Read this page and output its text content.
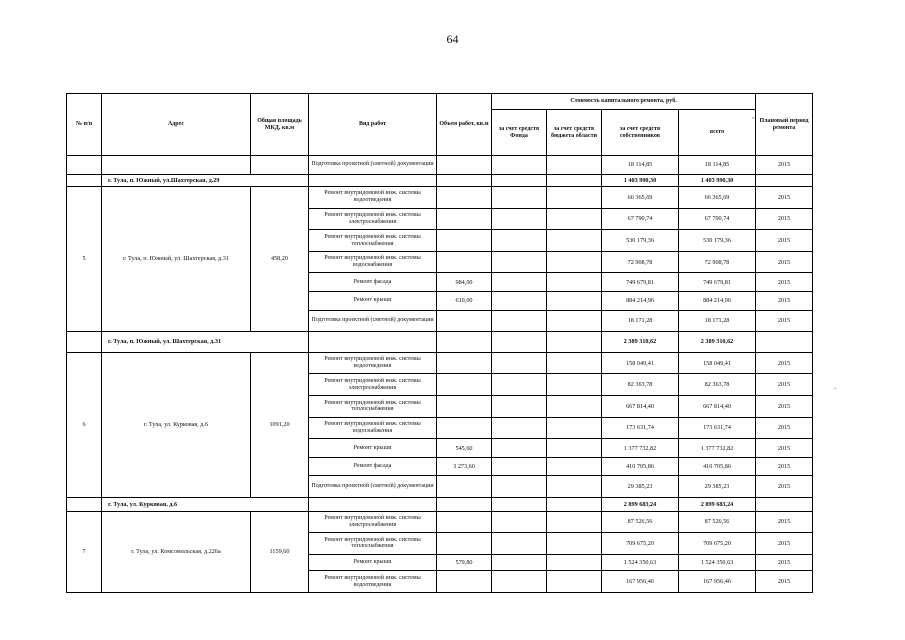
64
˚
.
№ п/п	Адрес	Общая площадь МКД, кв.м	Вид работ	Объем работ, кв.м	Стоимость капитального ремонта, руб.				Плановый период ремонта
					за счет средств Фонда	за счет средств бюджета области	за счет средств собственников	всего	
			Подготовка проектной (сметной) документации				18 114,85	18 114,85	2015
	г. Тула, п. Южный, ул.Шахтерская, д.29						1 403 990,30	1 403 990,30	
5	г. Тула, п. Южный, ул. Шахтерская, д.31	458,20	Ремонт внутридомовой инж. системы водоотведения				66 365,69	66 365,69	2015
			Ремонт внутридомовой инж. системы электроснабжения				67 790,74	67 790,74	2015
			Ремонт внутридомовой инж. системы теплоснабжения				530 179,36	530 179,36	2015
			Ремонт внутридомовой инж. системы водоснабжения				72 908,78	72 908,78	2015
			Ремонт фасада	984,00			749 679,81	749 679,81	2015
			Ремонт крыши	610,00			884 214,96	884 214,96	2015
			Подготовка проектной (сметной) документации				18 171,28	18 171,28	2015
	г. Тула, п. Южный, ул. Шахтерская, д.31						2 389 310,62	2 389 310,62	
6	г. Тула, ул. Курковая, д.6	1091,20	Ремонт внутридомовой инж. системы водоотведения				158 049,41	158 049,41	2015
			Ремонт внутридомовой инж. системы электроснабжения				82 363,78	82 363,78	2015
			Ремонт внутридомовой инж. системы теплоснабжения				667 814,40	667 814,40	2015
			Ремонт внутридомовой инж. системы водоснабжения				173 631,74	173 631,74	2015
			Ремонт крыши	545,60			1 377 732,82	1 377 732,82	2015
			Ремонт фасада	3 273,60			410 705,86	410 705,86	2015
			Подготовка проектной (сметной) документации				29 385,23	29 385,23	2015
	г. Тула, ул. Курковая, д.6						2 899 683,24	2 899 683,24	
7	г. Тула, ул. Комсомольская, д.226а	1159,60	Ремонт внутридомовой инж. системы электроснабжения				87 526,56	87 526,56	2015
			Ремонт внутридомовой инж. системы теплоснабжения				709 675,20	709 675,20	2015
			Ремонт крыши	579,80			1 524 350,63	1 524 350,63	2015
			Ремонт внутридомовой инж. системы водоотведения				167 956,46	167 956,46	2015
